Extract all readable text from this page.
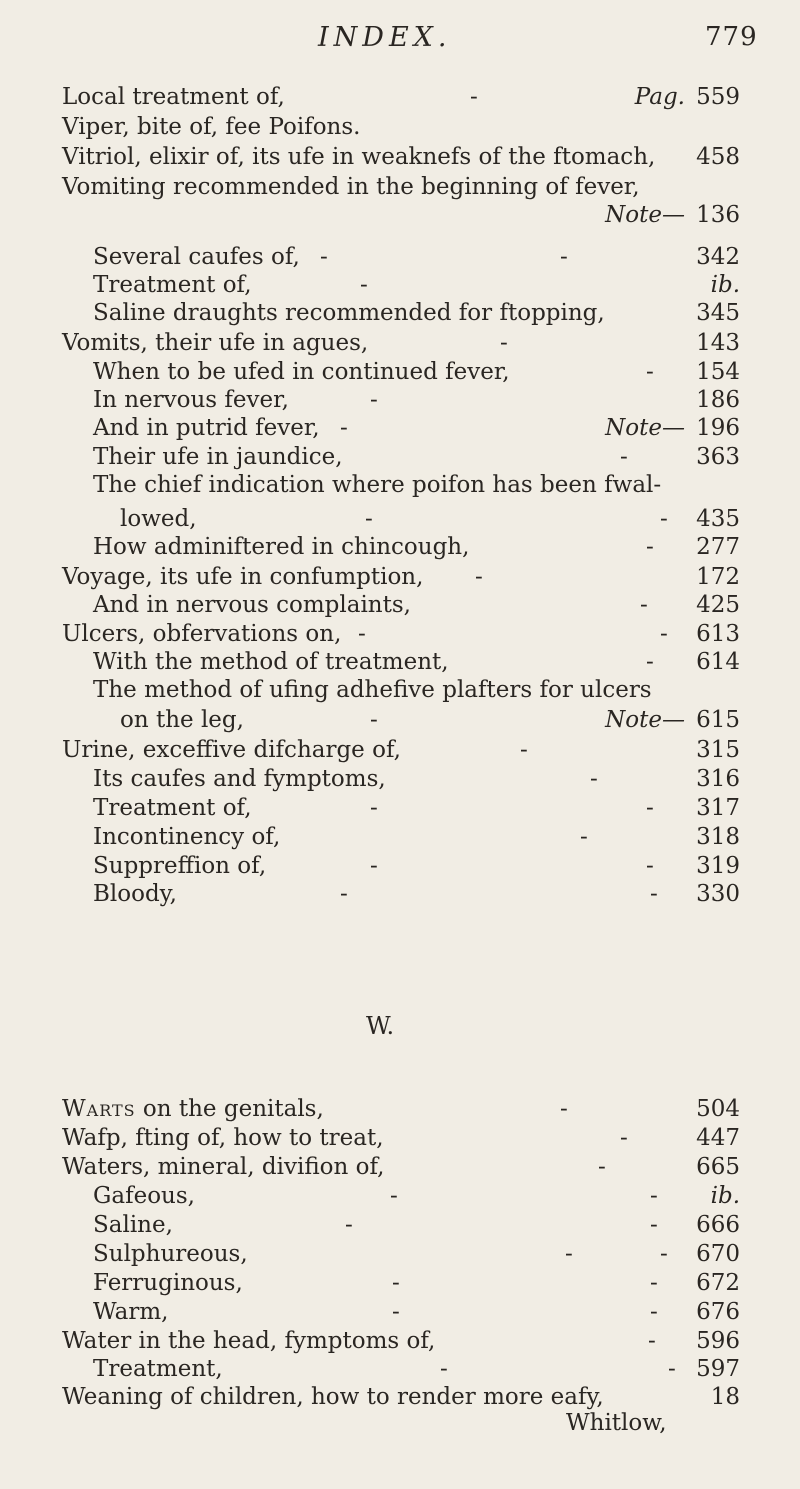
INDEX.	779
Local treatment of,	-	Pag. 559
Viper, bite of, fee Poifons.
Vitriol, elixir of, its ufe in weaknefs of the ftomach, 458
Vomiting recommended in the beginning of fever,
Note— 136
Several caufes of, -	-	342
Treatment of,	-	ib.
Saline draughts recommended for ftopping,	345
Vomits, their ufe in agues,	-	143
When to be ufed in continued fever,	- 154
In nervous fever,	-	186
And in putrid fever, -	Note— 196
Their ufe in jaundice,	-	363
The chief indication where poifon has been fwal-
lowed,	-	- 435
How adminiftered in chincough,	- 277
Voyage, its ufe in confumption, -	172
And in nervous complaints,	- 425
Ulcers, obfervations on, -	- 613
With the method of treatment,	- 614
The method of ufing adhefive plafters for ulcers
on the leg,	-	Note— 615
Urine, exceffive difcharge of,	-	315
Its caufes and fymptoms,	-	316
Treatment of,	-	- 317
Incontinency of,	-	318
Suppreffion of,	-	- 319
Bloody,	-	- 330
W.
Warts on the genitals,	-	504
Wafp, fting of, how to treat,	-	447
Waters, mineral, divifion of,	-	665
Gafeous,	-	- ib.
Saline,	-	- 666
Sulphureous,	-	- 670
Ferruginous,	-	- 672
Warm,	-	- 676
Water in the head, fymptoms of,	- 596
Treatment,	-	- 597
Weaning of children, how to render more eafy,	18
Whitlow,
